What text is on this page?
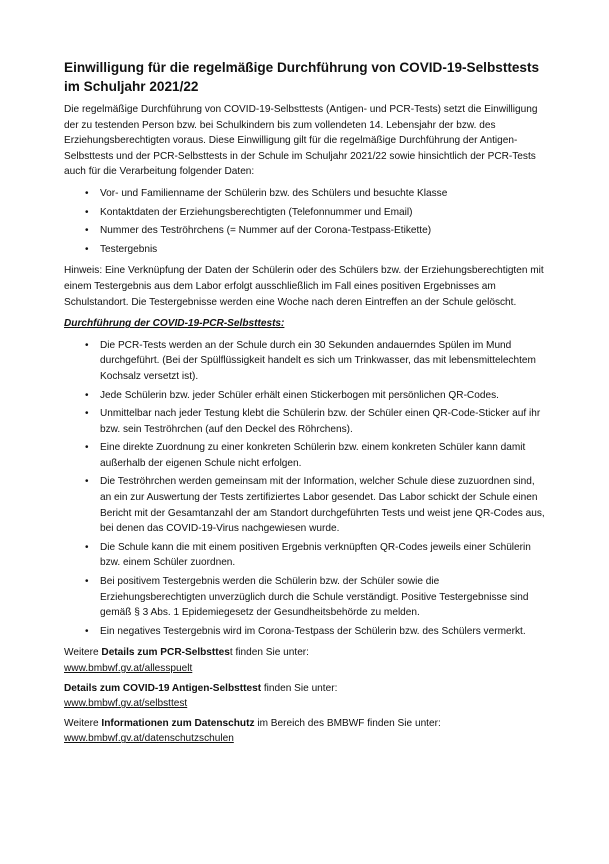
Einwilligung für die regelmäßige Durchführung von COVID-19-Selbsttests im Schuljahr 2021/22

Die regelmäßige Durchführung von COVID-19-Selbsttests (Antigen- und PCR-Tests) setzt die Einwilligung der zu testenden Person bzw. bei Schulkindern bis zum vollendeten 14. Lebensjahr der bzw. des Erziehungsberechtigten voraus. Diese Einwilligung gilt für die regelmäßige Durchführung der Antigen-Selbsttests und der PCR-Selbsttests in der Schule im Schuljahr 2021/22 sowie hinsichtlich der PCR-Tests auch für die Verarbeitung folgender Daten:

• Vor- und Familienname der Schülerin bzw. des Schülers und besuchte Klasse
• Kontaktdaten der Erziehungsberechtigten (Telefonnummer und Email)
• Nummer des Teströhrchens (= Nummer auf der Corona-Testpass-Etikette)
• Testergebnis

Hinweis: Eine Verknüpfung der Daten der Schülerin oder des Schülers bzw. der Erziehungsberechtigten mit einem Testergebnis aus dem Labor erfolgt ausschließlich im Fall eines positiven Ergebnisses am Schulstandort. Die Testergebnisse werden eine Woche nach deren Eintreffen an der Schule gelöscht.

Durchführung der COVID-19-PCR-Selbsttests:
• Die PCR-Tests werden an der Schule durch ein 30 Sekunden andauerndes Spülen im Mund durchgeführt. (Bei der Spülflüssigkeit handelt es sich um Trinkwasser, das mit lebensmittelechtem Kochsalz versetzt ist).
• Jede Schülerin bzw. jeder Schüler erhält einen Stickerbogen mit persönlichen QR-Codes.
• Unmittelbar nach jeder Testung klebt die Schülerin bzw. der Schüler einen QR-Code-Sticker auf ihr bzw. sein Teströhrchen (auf den Deckel des Röhrchens).
• Eine direkte Zuordnung zu einer konkreten Schülerin bzw. einem konkreten Schüler kann damit außerhalb der eigenen Schule nicht erfolgen.
• Die Teströhrchen werden gemeinsam mit der Information, welcher Schule diese zuzuordnen sind, an ein zur Auswertung der Tests zertifiziertes Labor gesendet. Das Labor schickt der Schule einen Bericht mit der Gesamtanzahl der am Standort durchgeführten Tests und weist jene QR-Codes aus, bei denen das COVID-19-Virus nachgewiesen wurde.
• Die Schule kann die mit einem positiven Ergebnis verknüpften QR-Codes jeweils einer Schülerin bzw. einem Schüler zuordnen.
• Bei positivem Testergebnis werden die Schülerin bzw. der Schüler sowie die Erziehungsberechtigten unverzüglich durch die Schule verständigt. Positive Testergebnisse sind gemäß § 3 Abs. 1 Epidemiegesetz der Gesundheitsbehörde zu melden.
• Ein negatives Testergebnis wird im Corona-Testpass der Schülerin bzw. des Schülers vermerkt.
Weitere Details zum PCR-Selbsttest finden Sie unter:
www.bmbwf.gv.at/allesspuelt
Details zum COVID-19 Antigen-Selbsttest finden Sie unter:
www.bmbwf.gv.at/selbsttest
Weitere Informationen zum Datenschutz im Bereich des BMBWF finden Sie unter:
www.bmbwf.gv.at/datenschutzschulen
